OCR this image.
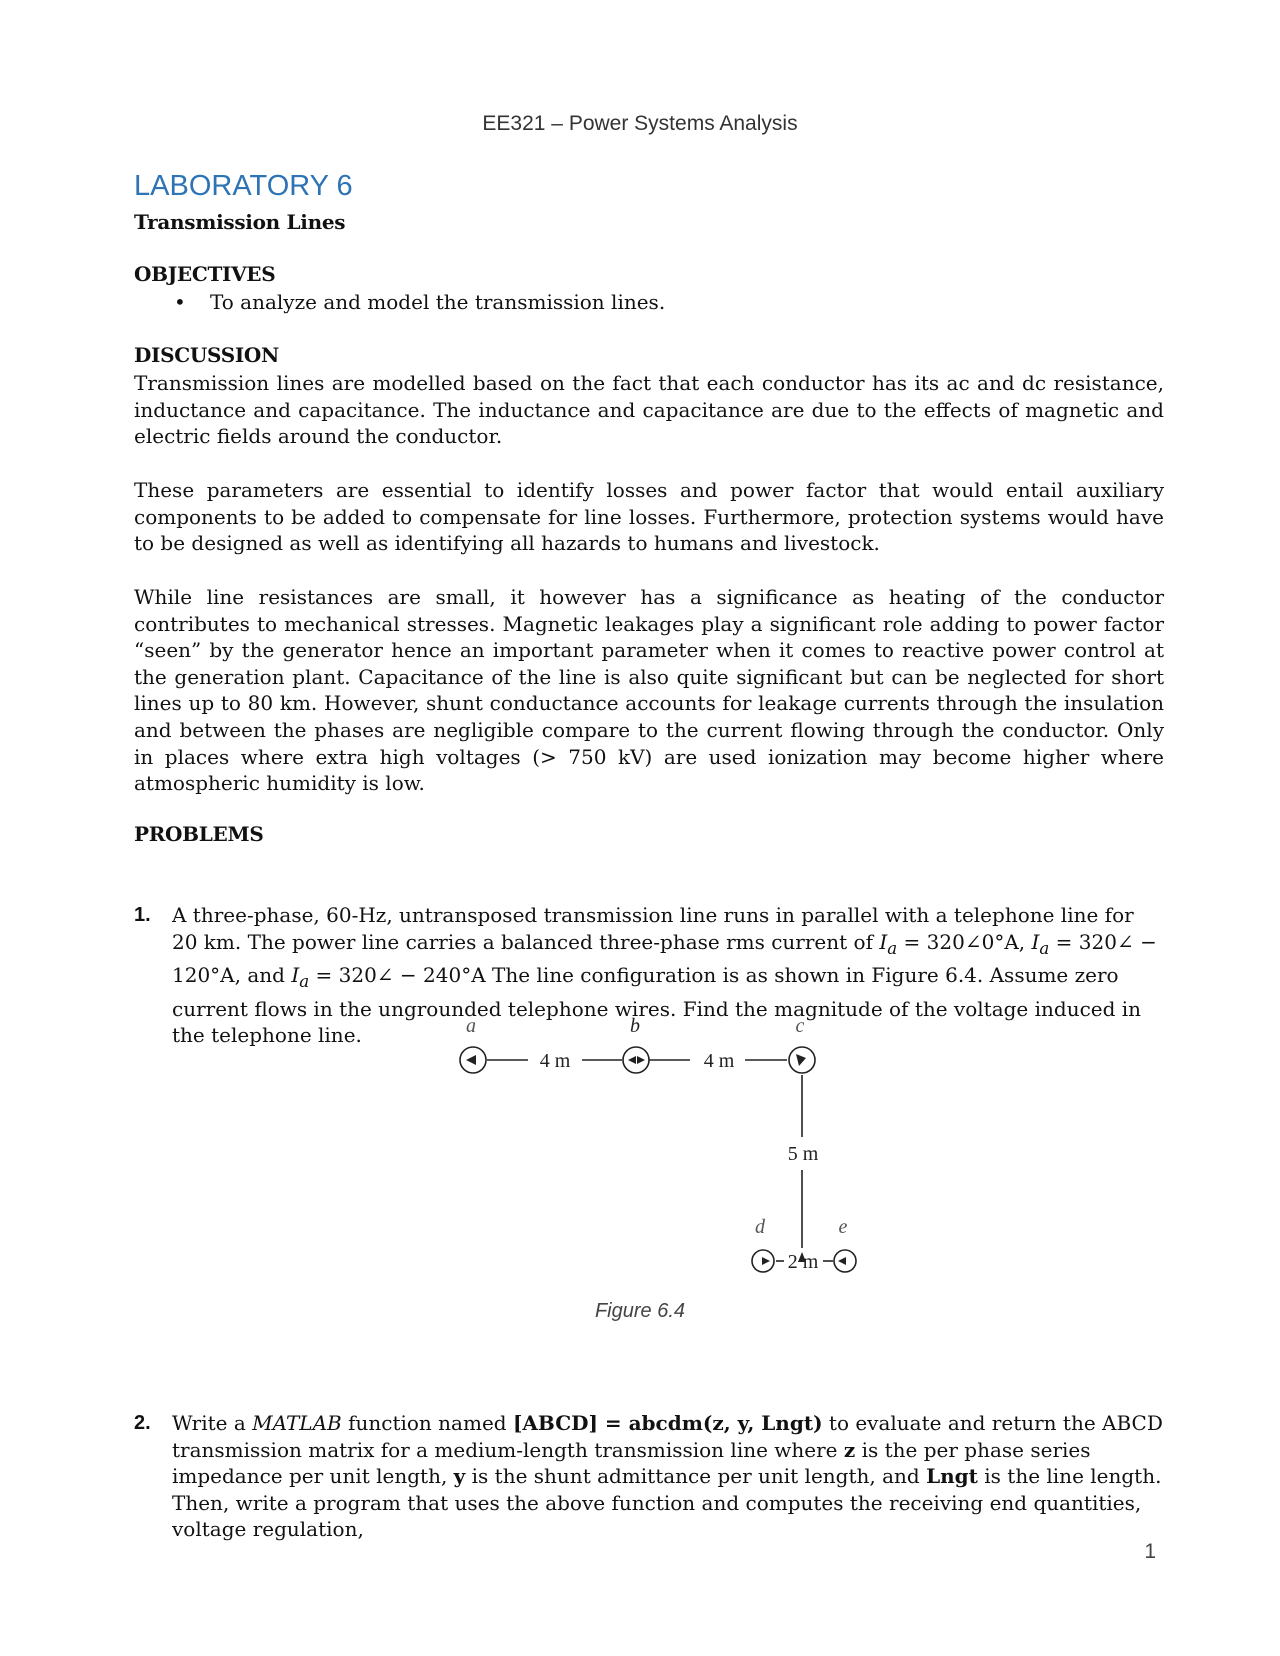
EE321 – Power Systems Analysis
LABORATORY 6
Transmission Lines
OBJECTIVES
• To analyze and model the transmission lines.
DISCUSSION

Transmission lines are modelled based on the fact that each conductor has its ac and dc resistance, inductance and capacitance. The inductance and capacitance are due to the effects of magnetic and electric fields around the conductor.

These parameters are essential to identify losses and power factor that would entail auxiliary components to be added to compensate for line losses. Furthermore, protection systems would have to be designed as well as identifying all hazards to humans and livestock.

While line resistances are small, it however has a significance as heating of the conductor contributes to mechanical stresses. Magnetic leakages play a significant role adding to power factor “seen” by the generator hence an important parameter when it comes to reactive power control at the generation plant. Capacitance of the line is also quite significant but can be neglected for short lines up to 80 km. However, shunt conductance accounts for leakage currents through the insulation and between the phases are negligible compare to the current flowing through the conductor. Only in places where extra high voltages (> 750 kV) are used ionization may become higher where atmospheric humidity is low.

PROBLEMS
1. A three-phase, 60-Hz, untransposed transmission line runs in parallel with a telephone line for 20 km. The power line carries a balanced three-phase rms current of $I_a$ = 320∠0°A, $I_a$ = 320∠ − 120°A, and $I_a$ = 320∠ − 240°A The line configuration is as shown in Figure 6.4. Assume zero current flows in the ungrounded telephone wires. Find the magnitude of the voltage induced in the telephone line.	a	b	c
d	e
4 m	4 m
5 m
2 m
Figure 6.4
2. Write a MATLAB function named [ABCD] = abcdm(z, y, Lngt) to evaluate and return the ABCD transmission matrix for a medium-length transmission line where z is the per phase series impedance per unit length, y is the shunt admittance per unit length, and Lngt is the line length. Then, write a program that uses the above function and computes the receiving end quantities, voltage regulation,
1
